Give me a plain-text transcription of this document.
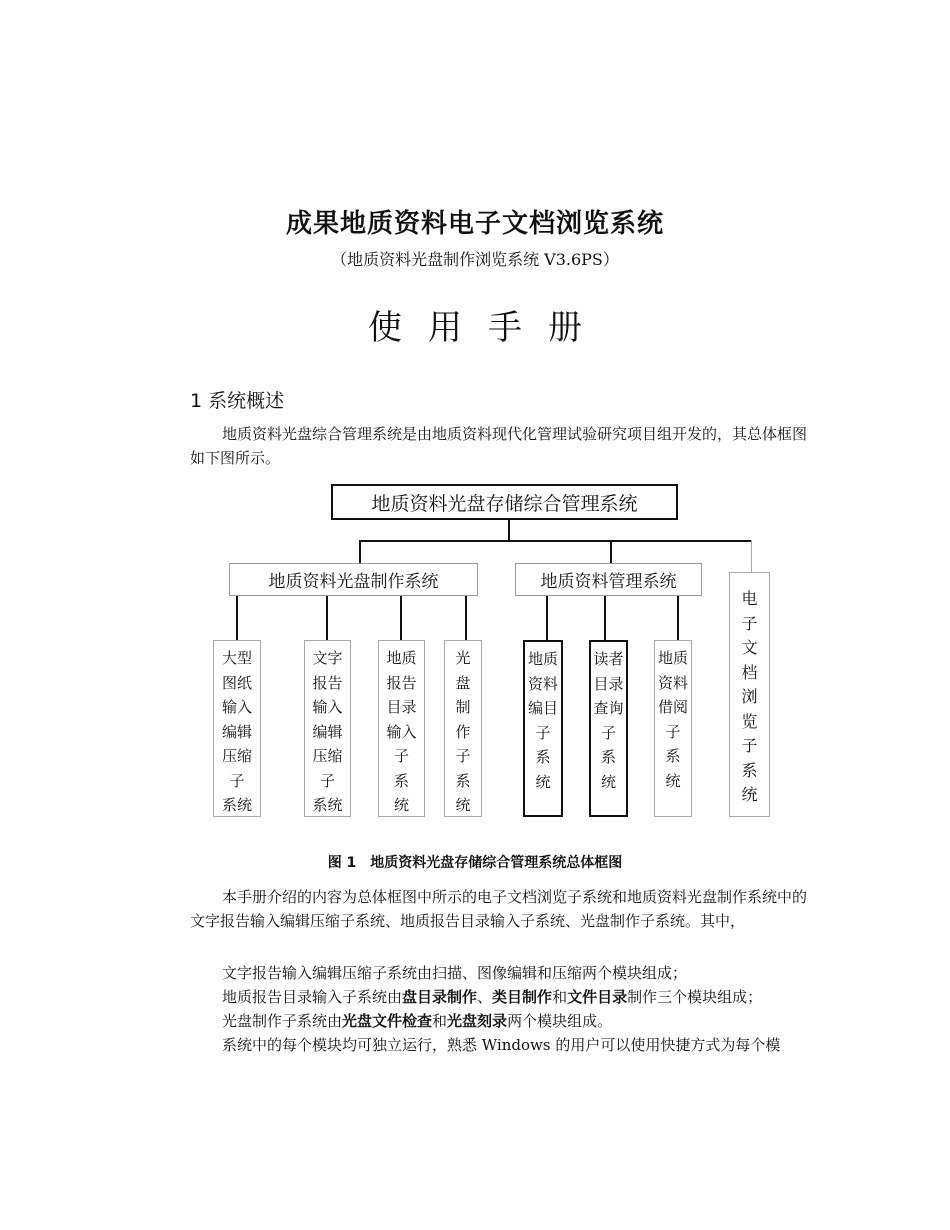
成果地质资料电子文档浏览系统
（地质资料光盘制作浏览系统 V3.6PS）
使用手册
1 系统概述
地质资料光盘综合管理系统是由地质资料现代化管理试验研究项目组开发的，其总体框图如下图所示。
地质资料光盘存储综合管理系统
地质资料光盘制作系统	地质资料管理系统
大型
图纸
输入
编辑
压缩
子
系统
文字
报告
输入
编辑
压缩
子
系统
地质
报告
目录
输入
子
系
统
光
盘
制
作
子
系
统
地质
资料
编目
子
系
统
读者
目录
查询
子
系
统
地质
资料
借阅
子
系
统
电
子
文
档
浏
览
子
系
统
图 1　地质资料光盘存储综合管理系统总体框图
本手册介绍的内容为总体框图中所示的电子文档浏览子系统和地质资料光盘制作系统中的文字报告输入编辑压缩子系统、地质报告目录输入子系统、光盘制作子系统。其中，
文字报告输入编辑压缩子系统由扫描、图像编辑和压缩两个模块组成；
地质报告目录输入子系统由盘目录制作、类目制作和文件目录制作三个模块组成；
光盘制作子系统由光盘文件检查和光盘刻录两个模块组成。
系统中的每个模块均可独立运行，熟悉 Windows 的用户可以使用快捷方式为每个模
